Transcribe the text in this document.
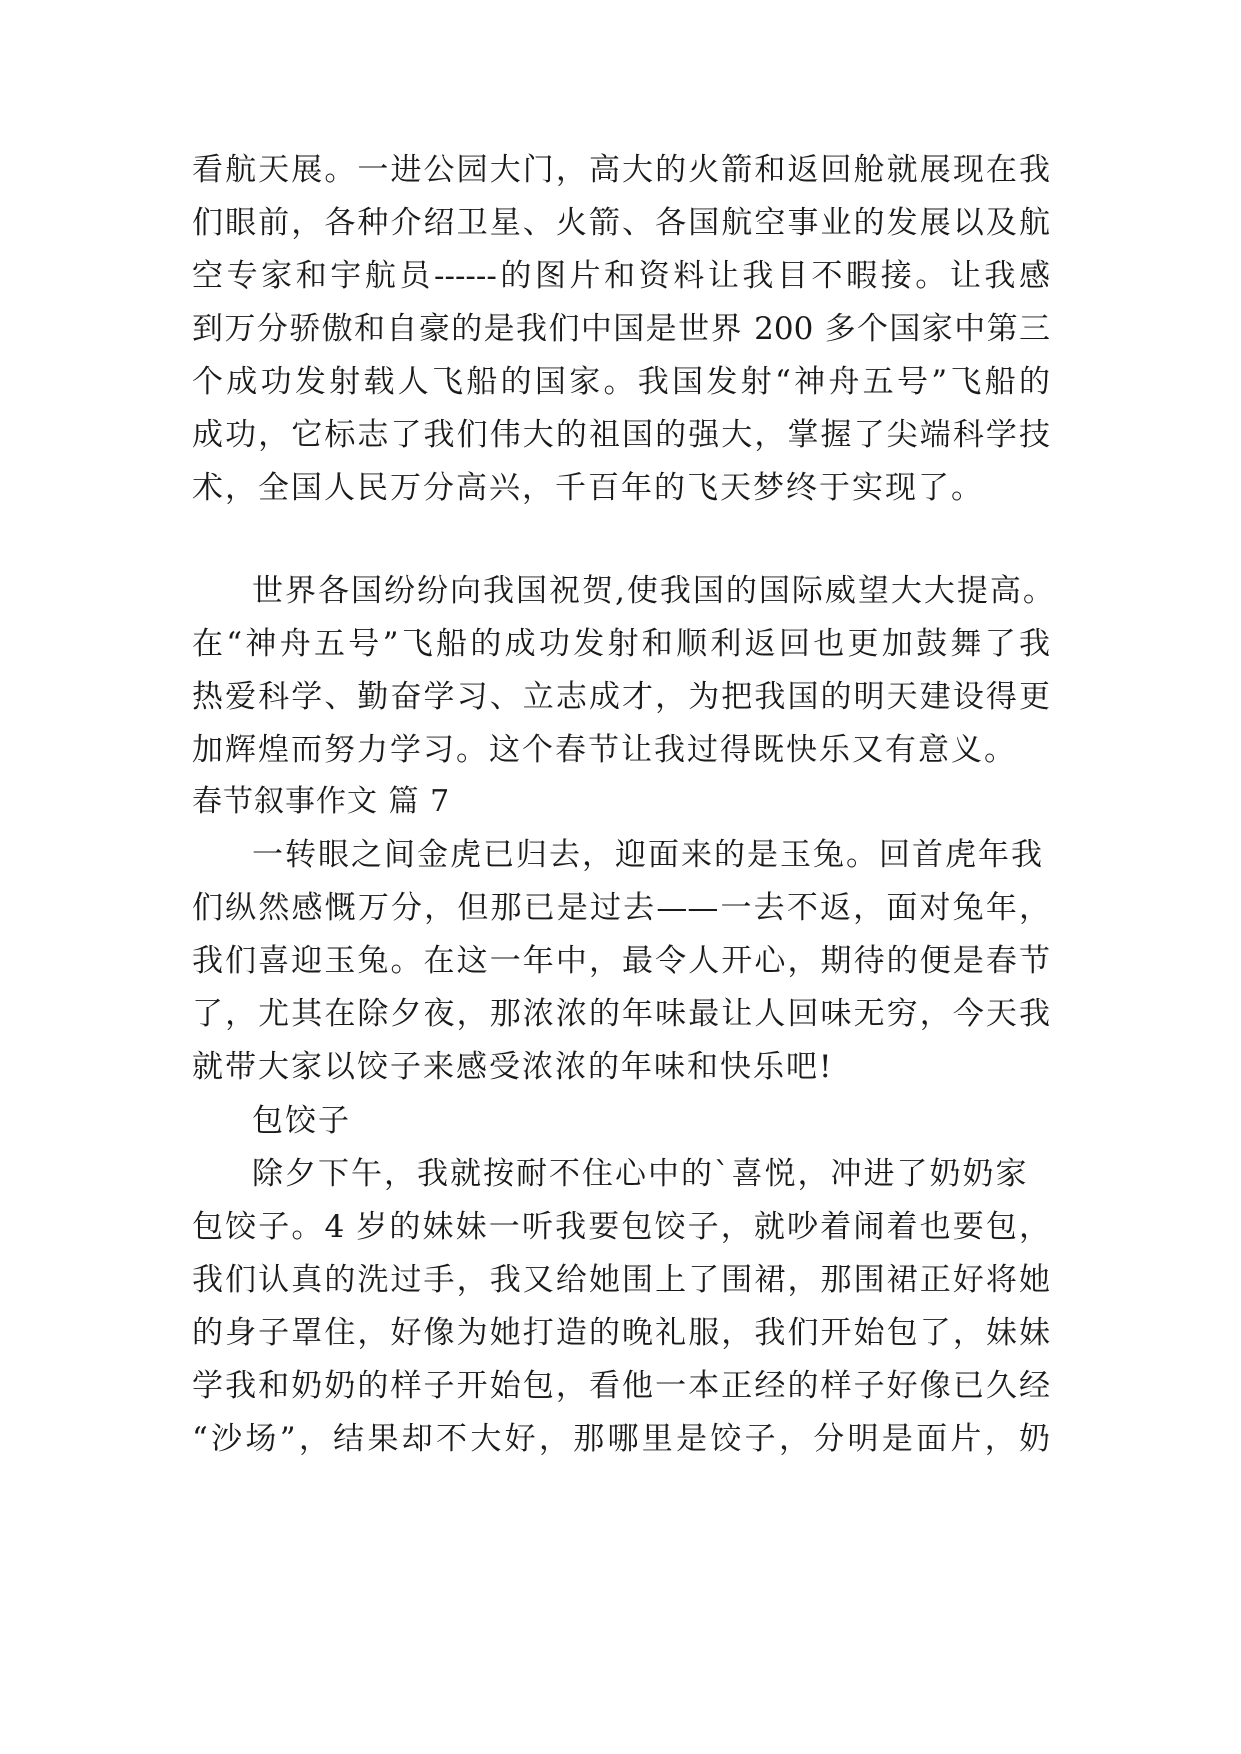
看航天展。一进公园大门，高大的火箭和返回舱就展现在我
们眼前，各种介绍卫星、火箭、各国航空事业的发展以及航
空专家和宇航员------的图片和资料让我目不暇接。让我感
到万分骄傲和自豪的是我们中国是世界 200 多个国家中第三
个成功发射载人飞船的国家。我国发射“神舟五号”飞船的
成功，它标志了我们伟大的祖国的强大，掌握了尖端科学技
术，全国人民万分高兴，千百年的飞天梦终于实现了。
世界各国纷纷向我国祝贺,使我国的国际威望大大提高。
在“神舟五号”飞船的成功发射和顺利返回也更加鼓舞了我
热爱科学、勤奋学习、立志成才，为把我国的明天建设得更
加辉煌而努力学习。这个春节让我过得既快乐又有意义。
春节叙事作文 篇 7
一转眼之间金虎已归去，迎面来的是玉兔。回首虎年我
们纵然感慨万分，但那已是过去——一去不返，面对兔年，
我们喜迎玉兔。在这一年中，最令人开心，期待的便是春节
了，尤其在除夕夜，那浓浓的年味最让人回味无穷，今天我
就带大家以饺子来感受浓浓的年味和快乐吧!
包饺子
除夕下午，我就按耐不住心中的`喜悦，冲进了奶奶家
包饺子。4 岁的妹妹一听我要包饺子，就吵着闹着也要包，
我们认真的洗过手，我又给她围上了围裙，那围裙正好将她
的身子罩住，好像为她打造的晚礼服，我们开始包了，妹妹
学我和奶奶的样子开始包，看他一本正经的样子好像已久经
“沙场”，结果却不大好，那哪里是饺子，分明是面片，奶
